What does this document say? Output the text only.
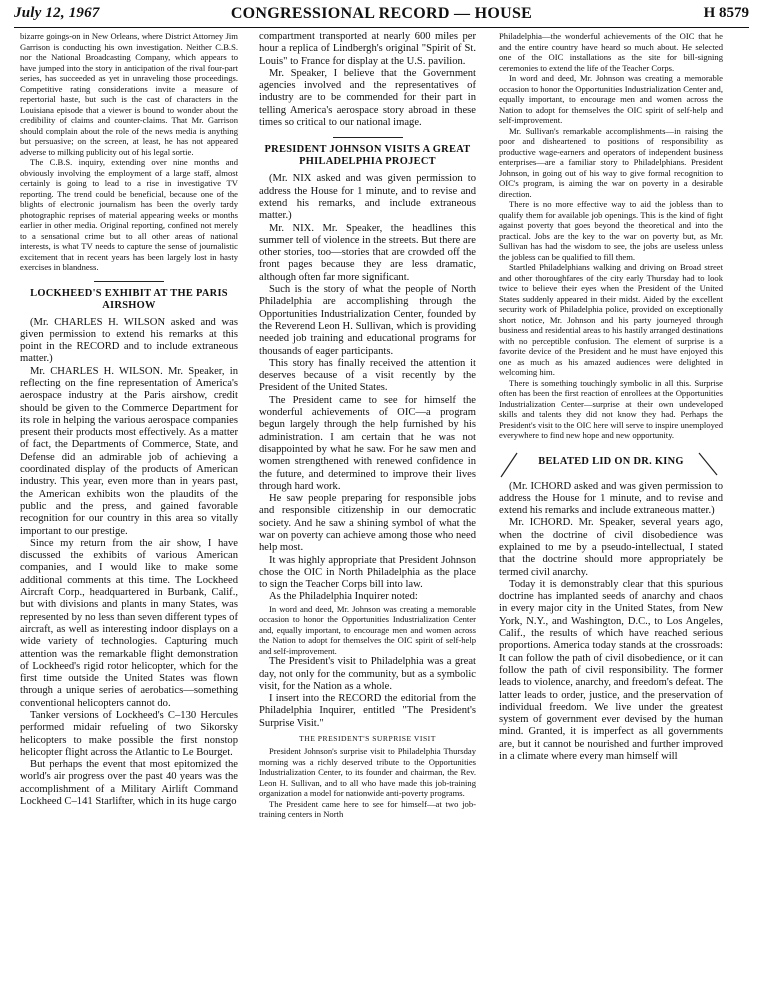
July 12, 1967	CONGRESSIONAL RECORD — HOUSE	H 8579

bizarre goings-on in New Orleans, where District Attorney Jim Garrison is conducting his own investigation. Neither C.B.S. nor the National Broadcasting Company, which appears to have jumped into the story in anticipation of the rival four-part series, has succeeded as yet in unraveling those proceedings. Competitive rating considerations invite a measure of repertorial haste, but such is the cast of characters in the Louisiana episode that a viewer is bound to wonder about the credibility of claims and counter-claims. That Mr. Garrison should complain about the role of the news media is anything but persuasive; on the screen, at least, he has not appeared adverse to milking publicity out of his legal sortie.

The C.B.S. inquiry, extending over nine months and obviously involving the employment of a large staff, almost certainly is going to lead to a rise in investigative TV reporting. The trend could be beneficial, because one of the blights of electronic journalism has been the overly tardy photographic reprises of material appearing weeks or months earlier in other media. Original reporting, confined not merely to a sensational crime but to all other areas of national interests, is what TV needs to capture the sense of journalistic excitement that in recent years has been largely lost in hasty exercises in blandness.

LOCKHEED'S EXHIBIT AT THE PARIS AIRSHOW

(Mr. CHARLES H. WILSON asked and was given permission to extend his remarks at this point in the RECORD and to include extraneous matter.)

Mr. CHARLES H. WILSON. Mr. Speaker, in reflecting on the fine representation of America's aerospace industry at the Paris airshow, credit should be given to the Commerce Department for its role in helping the various aerospace companies present their products most effectively. As a matter of fact, the Departments of Commerce, State, and Defense did an admirable job of achieving a coordinated display of the products of American industry. This year, even more than in years past, the American exhibits won the plaudits of the public and the press, and gained favorable recognition for our country in this area so vitally important to our prestige.

Since my return from the air show, I have discussed the exhibits of various American companies, and I would like to make some additional comments at this time. The Lockheed Aircraft Corp., headquartered in Burbank, Calif., but with divisions and plants in many States, was represented by no less than seven different types of aircraft, as well as interesting indoor displays on a wide variety of technologies. Capturing much attention was the remarkable flight demonstration of Lockheed's rigid rotor helicopter, which for the first time outside the United States was flown through a unique series of aerobatics—something conventional helicopters cannot do.

Tanker versions of Lockheed's C–130 Hercules performed midair refueling of two Sikorsky helicopters to make possible the first nonstop helicopter flight across the Atlantic to Le Bourget.

But perhaps the event that most epitomized the world's air progress over the past 40 years was the accomplishment of a Military Airlift Command Lockheed C–141 Starlifter, which in its huge cargo

compartment transported at nearly 600 miles per hour a replica of Lindbergh's original "Spirit of St. Louis" to France for display at the U.S. pavilion.

Mr. Speaker, I believe that the Government agencies involved and the representatives of industry are to be commended for their part in telling America's aerospace story abroad in these times so critical to our national image.

PRESIDENT JOHNSON VISITS A GREAT PHILADELPHIA PROJECT

(Mr. NIX asked and was given permission to address the House for 1 minute, and to revise and extend his remarks, and include extraneous matter.)

Mr. NIX. Mr. Speaker, the headlines this summer tell of violence in the streets. But there are other stories, too—stories that are crowded off the front pages because they are less dramatic, although often far more significant.

Such is the story of what the people of North Philadelphia are accomplishing through the Opportunities Industrialization Center, founded by the Reverend Leon H. Sullivan, which is providing needed job training and educational programs for thousands of eager participants.

This story has finally received the attention it deserves because of a visit recently by the President of the United States.

The President came to see for himself the wonderful achievements of OIC—a program begun largely through the help furnished by his administration. I am certain that he was not disappointed by what he saw. For he saw men and women strengthened with renewed confidence in the future, and determined to improve their lives through hard work.

He saw people preparing for responsible jobs and responsible citizenship in our democratic society. And he saw a shining symbol of what the war on poverty can achieve among those who need help most.

It was highly appropriate that President Johnson chose the OIC in North Philadelphia as the place to sign the Teacher Corps bill into law.

As the Philadelphia Inquirer noted:

In word and deed, Mr. Johnson was creating a memorable occasion to honor the Opportunities Industrialization Center and, equally important, to encourage men and women across the Nation to adopt for themselves the OIC spirit of self-help and self-improvement.

The President's visit to Philadelphia was a great day, not only for the community, but as a symbolic visit, for the Nation as a whole.

I insert into the RECORD the editorial from the Philadelphia Inquirer, entitled "The President's Surprise Visit."

THE PRESIDENT'S SURPRISE VISIT

President Johnson's surprise visit to Philadelphia Thursday morning was a richly deserved tribute to the Opportunities Industrialization Center, to its founder and chairman, the Rev. Leon H. Sullivan, and to all who have made this job-training organization a model for nationwide anti-poverty programs.

The President came here to see for himself—at two job-training centers in North

Philadelphia—the wonderful achievements of the OIC that he and the entire country have heard so much about. He selected one of the OIC installations as the site for bill-signing ceremonies to extend the life of the Teacher Corps.

In word and deed, Mr. Johnson was creating a memorable occasion to honor the Opportunities Industrialization Center and, equally important, to encourage men and women across the Nation to adopt for themselves the OIC spirit of self-help and self-improvement.

Mr. Sullivan's remarkable accomplishments—in raising the poor and disheartened to positions of responsibility as productive wage-earners and operators of independent business enterprises—are a familiar story to Philadelphians. President Johnson, in going out of his way to give formal recognition to OIC's program, is aiming the war on poverty in a desirable direction.

There is no more effective way to aid the jobless than to qualify them for available job openings. This is the kind of fight against poverty that goes beyond the theoretical and into the practical. Jobs are the key to the war on poverty but, as Mr. Sullivan has had the wisdom to see, the jobs are useless unless the jobless can be qualified to fill them.

Startled Philadelphians walking and driving on Broad street and other thoroughfares of the city early Thursday had to look twice to believe their eyes when the President of the United States suddenly appeared in their midst. Aided by the excellent security work of Philadelphia police, provided on exceptionally short notice, Mr. Johnson and his party journeyed through business and residential areas to his hastily arranged destinations with no perceptible confusion. The element of surprise is a favorite device of the President and he must have enjoyed this one as much as his amazed audiences were delighted in welcoming him.

There is something touchingly symbolic in all this. Surprise often has been the first reaction of enrollees at the Opportunities Industrialization Center—surprise at their own undeveloped skills and talents they did not know they had. Perhaps the President's visit to the OIC here will serve to inspire unemployed everywhere to find new hope and new opportunity.

BELATED LID ON DR. KING

(Mr. ICHORD asked and was given permission to address the House for 1 minute, and to revise and extend his remarks and include extraneous matter.)

Mr. ICHORD. Mr. Speaker, several years ago, when the doctrine of civil disobedience was explained to me by a pseudo-intellectual, I stated that the doctrine should more appropriately be termed civil anarchy.

Today it is demonstrably clear that this spurious doctrine has implanted seeds of anarchy and chaos in every major city in the United States, from New York, N.Y., and Washington, D.C., to Los Angeles, Calif., the results of which have reached serious proportions. America today stands at the crossroads: It can follow the path of civil disobedience, or it can follow the path of civil responsibility. The former leads to violence, anarchy, and freedom's defeat. The latter leads to order, justice, and the preservation of individual freedom. We live under the greatest system of government ever devised by the human mind. Granted, it is imperfect as all governments are, but it cannot be nourished and further improved in a climate where every man himself will
